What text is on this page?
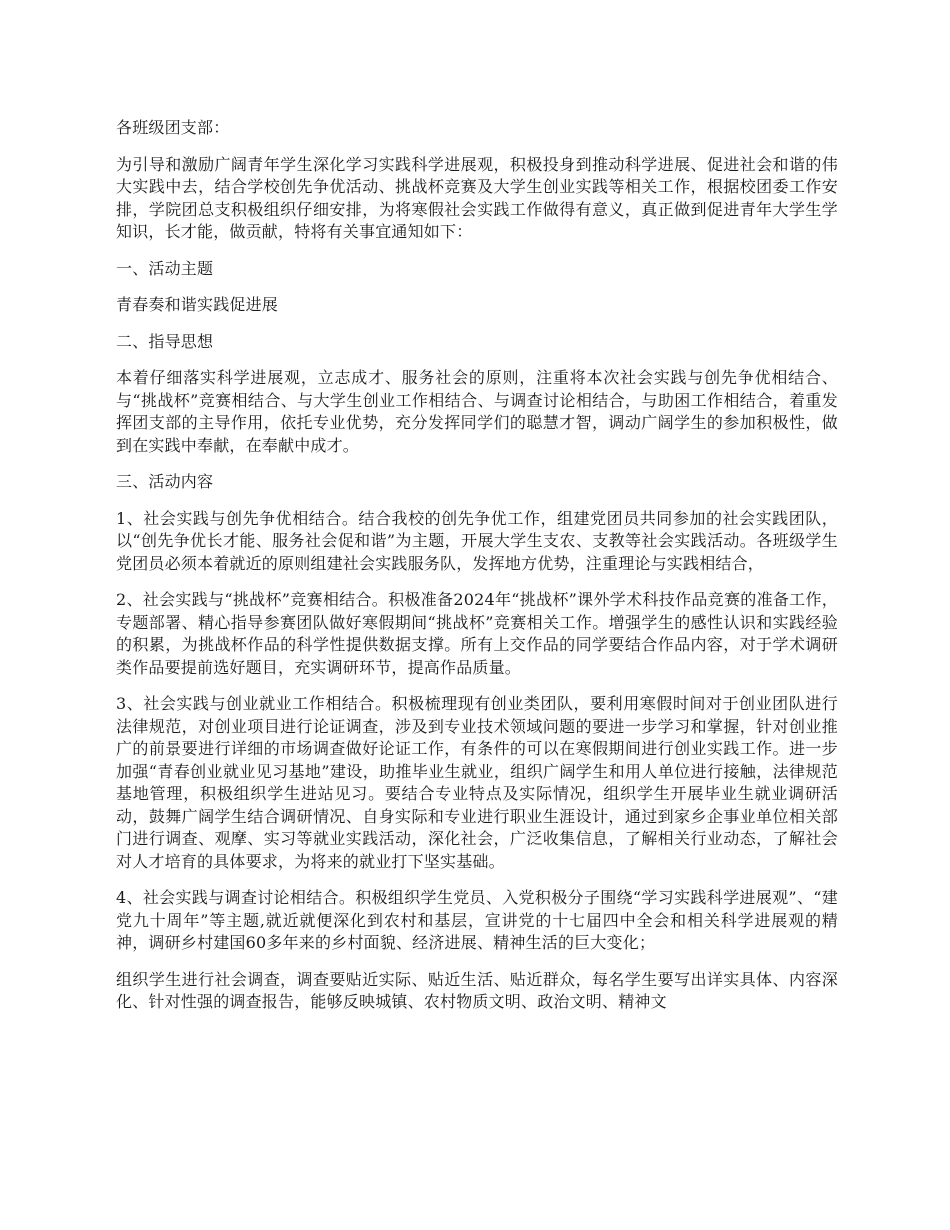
各班级团支部：

为引导和激励广阔青年学生深化学习实践科学进展观，积极投身到推动科学进展、促进社会和谐的伟大实践中去，结合学校创先争优活动、挑战杯竞赛及大学生创业实践等相关工作，根据校团委工作安排，学院团总支积极组织仔细安排，为将寒假社会实践工作做得有意义，真正做到促进青年大学生学知识，长才能，做贡献，特将有关事宜通知如下：

一、活动主题

青春奏和谐实践促进展

二、指导思想

本着仔细落实科学进展观，立志成才、服务社会的原则，注重将本次社会实践与创先争优相结合、与“挑战杯”竞赛相结合、与大学生创业工作相结合、与调查讨论相结合，与助困工作相结合，着重发挥团支部的主导作用，依托专业优势，充分发挥同学们的聪慧才智，调动广阔学生的参加积极性，做到在实践中奉献，在奉献中成才。

三、活动内容

1、社会实践与创先争优相结合。结合我校的创先争优工作，组建党团员共同参加的社会实践团队，以“创先争优长才能、服务社会促和谐”为主题，开展大学生支农、支教等社会实践活动。各班级学生党团员必须本着就近的原则组建社会实践服务队，发挥地方优势，注重理论与实践相结合，

2、社会实践与“挑战杯”竞赛相结合。积极准备2024年“挑战杯”课外学术科技作品竞赛的准备工作，专题部署、精心指导参赛团队做好寒假期间“挑战杯”竞赛相关工作。增强学生的感性认识和实践经验的积累，为挑战杯作品的科学性提供数据支撑。所有上交作品的同学要结合作品内容，对于学术调研类作品要提前选好题目，充实调研环节，提高作品质量。

3、社会实践与创业就业工作相结合。积极梳理现有创业类团队，要利用寒假时间对于创业团队进行法律规范，对创业项目进行论证调查，涉及到专业技术领域问题的要进一步学习和掌握，针对创业推广的前景要进行详细的市场调查做好论证工作，有条件的可以在寒假期间进行创业实践工作。进一步加强“青春创业就业见习基地”建设，助推毕业生就业，组织广阔学生和用人单位进行接触，法律规范基地管理，积极组织学生进站见习。要结合专业特点及实际情况，组织学生开展毕业生就业调研活动，鼓舞广阔学生结合调研情况、自身实际和专业进行职业生涯设计，通过到家乡企事业单位相关部门进行调查、观摩、实习等就业实践活动，深化社会，广泛收集信息，了解相关行业动态，了解社会对人才培育的具体要求，为将来的就业打下坚实基础。

4、社会实践与调查讨论相结合。积极组织学生党员、入党积极分子围绕“学习实践科学进展观”、“建党九十周年”等主题,就近就便深化到农村和基层，宣讲党的十七届四中全会和相关科学进展观的精神，调研乡村建国60多年来的乡村面貌、经济进展、精神生活的巨大变化；

组织学生进行社会调查，调查要贴近实际、贴近生活、贴近群众，每名学生要写出详实具体、内容深化、针对性强的调查报告，能够反映城镇、农村物质文明、政治文明、精神文
